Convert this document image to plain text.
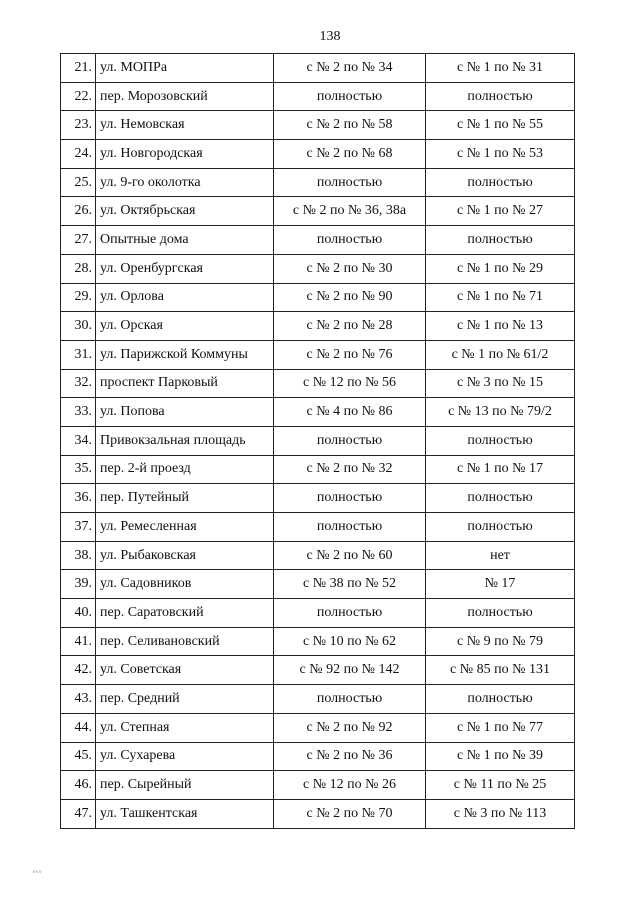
138
21.	ул. МОПРа	с № 2 по № 34	с № 1 по № 31
22.	пер. Морозовский	полностью	полностью
23.	ул. Немовская	с № 2 по № 58	с № 1 по № 55
24.	ул. Новгородская	с № 2 по № 68	с № 1 по № 53
25.	ул. 9-го околотка	полностью	полностью
26.	ул. Октябрьская	с № 2 по № 36, 38а	с № 1 по № 27
27.	Опытные дома	полностью	полностью
28.	ул. Оренбургская	с № 2 по № 30	с № 1 по № 29
29.	ул. Орлова	с № 2 по № 90	с № 1 по № 71
30.	ул. Орская	с № 2 по № 28	с № 1 по № 13
31.	ул. Парижской Коммуны	с № 2 по № 76	с № 1 по № 61/2
32.	проспект Парковый	с № 12 по № 56	с № 3 по № 15
33.	ул. Попова	с № 4 по № 86	с № 13 по № 79/2
34.	Привокзальная площадь	полностью	полностью
35.	пер. 2-й проезд	с № 2 по № 32	с № 1 по № 17
36.	пер. Путейный	полностью	полностью
37.	ул. Ремесленная	полностью	полностью
38.	ул. Рыбаковская	с № 2 по № 60	нет
39.	ул. Садовников	с № 38 по № 52	№ 17
40.	пер. Саратовский	полностью	полностью
41.	пер. Селивановский	с № 10 по № 62	с № 9 по № 79
42.	ул. Советская	с № 92 по № 142	с № 85 по № 131
43.	пер. Средний	полностью	полностью
44.	ул. Степная	с № 2 по № 92	с № 1 по № 77
45.	ул. Сухарева	с № 2 по № 36	с № 1 по № 39
46.	пер. Сырейный	с № 12 по № 26	с № 11 по № 25
47.	ул. Ташкентская	с № 2 по № 70	с № 3 по № 113
ᵒˢᵒ
